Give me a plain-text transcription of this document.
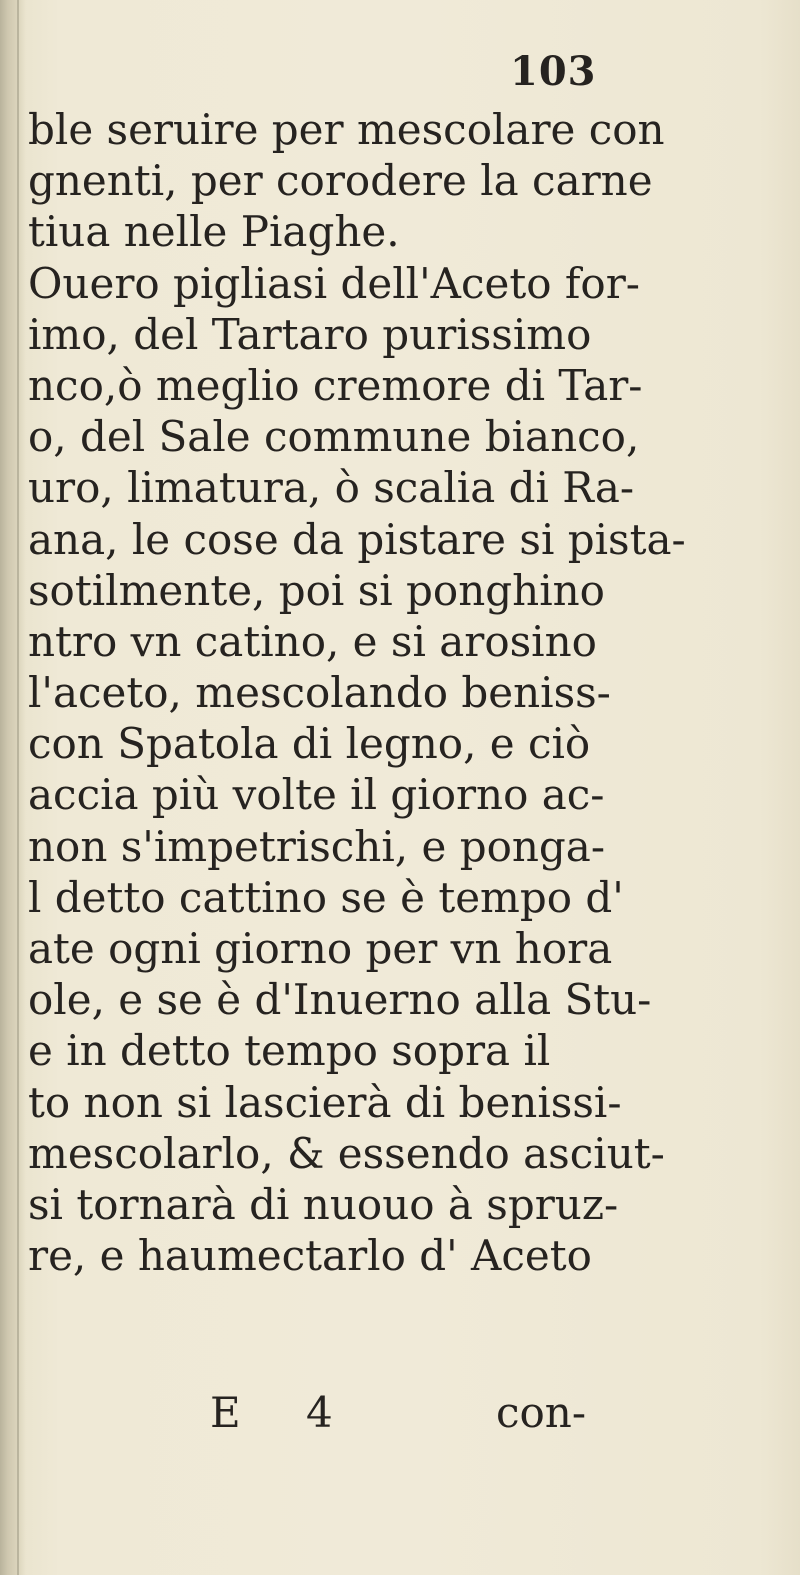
103
ble seruire per mescolare con
gnenti, per corodere la carne
tiua nelle Piaghe.
Ouero pigliasi dell'Aceto for-
imo, del Tartaro purissimo
nco,ò meglio cremore di Tar-
o, del Sale commune bianco,
uro, limatura, ò scalia di Ra-
ana, le cose da pistare si pista-
sotilmente, poi si ponghino
ntro vn catino, e si arosino
l'aceto, mescolando beniss-
con Spatola di legno, e ciò
accia più volte il giorno ac-
non s'impetrischi, e ponga-
l detto cattino se è tempo d'
ate ogni giorno per vn hora
ole, e se è d'Inuerno alla Stu-
e in detto tempo sopra il
to non si lascierà di benissi-
mescolarlo, & essendo asciut-
si tornarà di nuouo à spruz-
re, e haumectarlo d' Aceto
E 4	con-
